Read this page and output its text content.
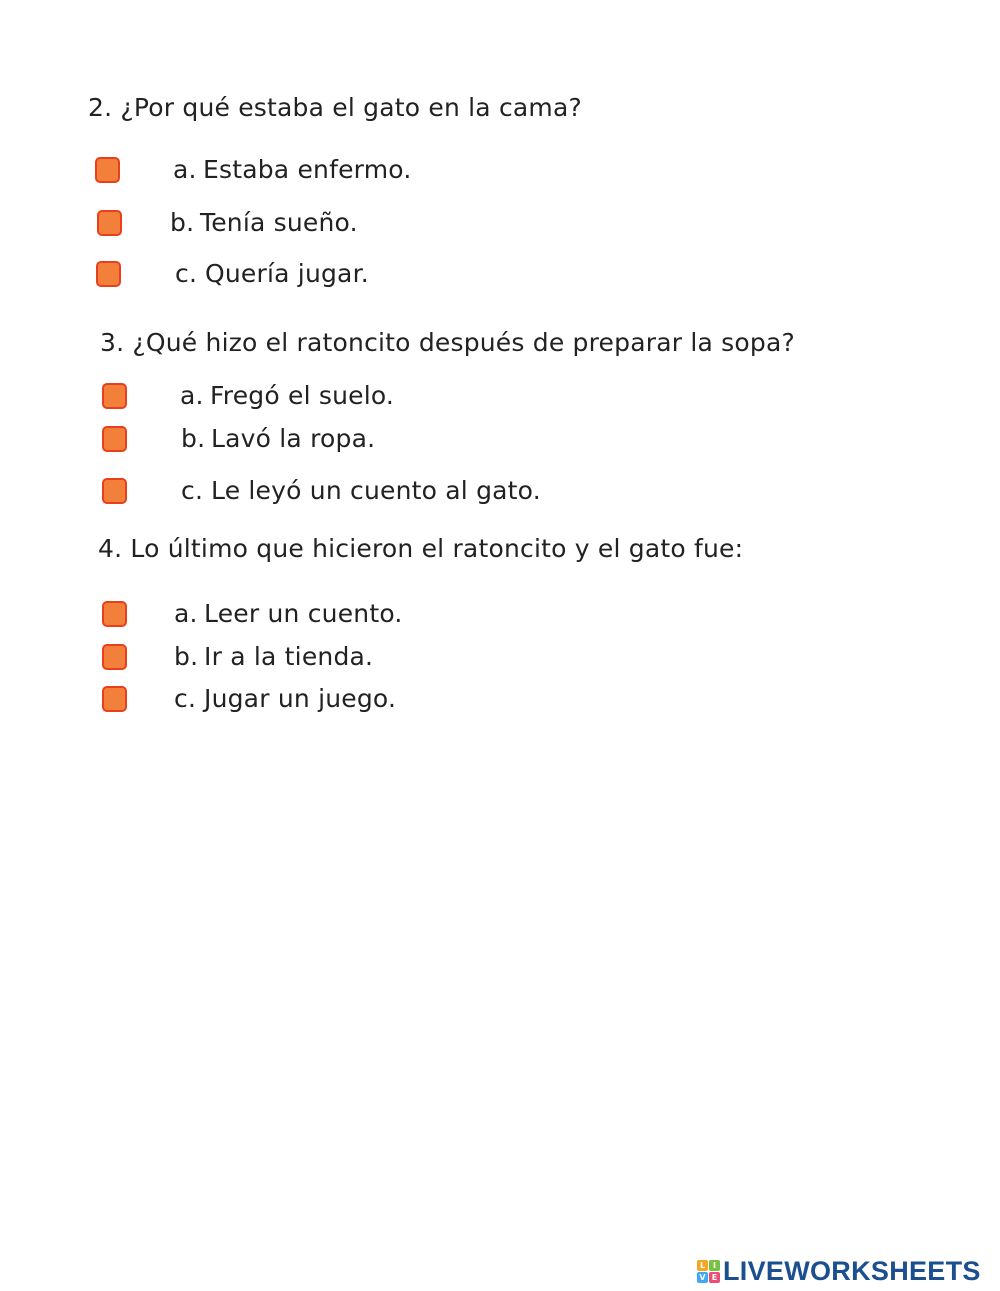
2. ¿Por qué estaba el gato en la cama?
a. Estaba enfermo.
b. Tenía sueño.
c. Quería jugar.
3. ¿Qué hizo el ratoncito después de preparar la sopa?
a. Fregó el suelo.
b. Lavó la ropa.
c. Le leyó un cuento al gato.
4. Lo último que hicieron el ratoncito y el gato fue:
a. Leer un cuento.
b. Ir a la tienda.
c. Jugar un juego.
L I
V E LIVEWORKSHEETS
